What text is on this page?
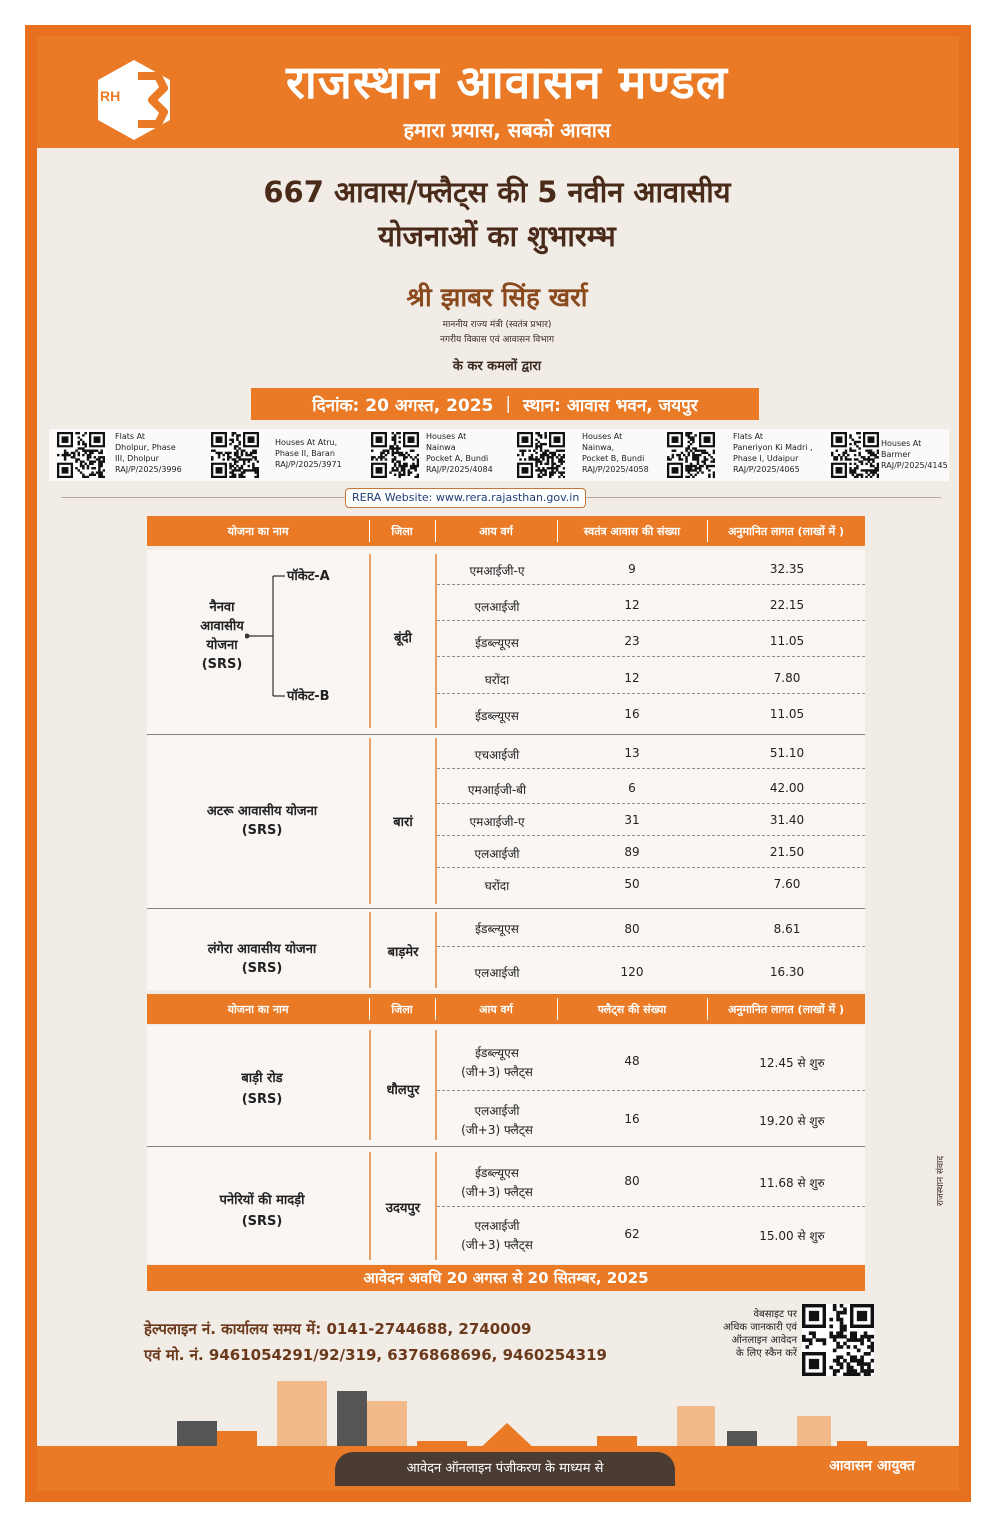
RH	राजस्थान आवासन मण्डल
हमारा प्रयास, सबको आवास
667 आवास/फ्लैट्स की 5 नवीन आवासीय
योजनाओं का शुभारम्भ
श्री झाबर सिंह खर्रा
माननीय राज्य मंत्री (स्वतंत्र प्रभार)
नगरीय विकास एवं आवासन विभाग
के कर कमलों द्वारा
दिनांक: 20 अगस्त, 2025 | स्थान: आवास भवन, जयपुर
Flats At
Dholpur, Phase
III, Dholpur
RAJ/P/2025/3996
Houses At Atru,
Phase II, Baran
RAJ/P/2025/3971
Houses At
Nainwa
Pocket A, Bundi
RAJ/P/2025/4084
Houses At
Nainwa,
Pocket B, Bundi
RAJ/P/2025/4058
Flats At
Paneriyon Ki Madri ,
Phase I, Udaipur
RAJ/P/2025/4065
Houses At
Barmer
RAJ/P/2025/4145
RERA Website: www.rera.rajasthan.gov.in
योजना का नाम	जिला	आय वर्ग	स्वतंत्र आवास की संख्या	अनुमानित लागत (लाखों में )
नैनवा
आवासीय
योजना
(SRS)
पॉकेट-A
पॉकेट-B
बूंदी
एमआईजी-ए	9	32.35
एलआईजी	12	22.15
ईडब्ल्यूएस	23	11.05
घरोंदा	12	7.80
ईडब्ल्यूएस	16	11.05
अटरू आवासीय योजना
(SRS)
बारां
एचआईजी	13	51.10
एमआईजी-बी	6	42.00
एमआईजी-ए	31	31.40
एलआईजी	89	21.50
घरोंदा	50	7.60
लंगेरा आवासीय योजना
(SRS)
बाड़मेर
ईडब्ल्यूएस	80	8.61
एलआईजी	120	16.30
योजना का नाम	जिला	आय वर्ग	फ्लैट्स की संख्या	अनुमानित लागत (लाखों में )
बाड़ी रोड
(SRS)
धौलपुर
ईडब्ल्यूएस
(जी+3) फ्लैट्स
48	12.45 से शुरु
एलआईजी
(जी+3) फ्लैट्स
16	19.20 से शुरु
पनेरियों की मादड़ी
(SRS)
उदयपुर
ईडब्ल्यूएस
(जी+3) फ्लैट्स
80	11.68 से शुरु
एलआईजी
(जी+3) फ्लैट्स
62	15.00 से शुरु
आवेदन अवधि 20 अगस्त से 20 सितम्बर, 2025
हेल्पलाइन नं. कार्यालय समय में: 0141-2744688, 2740009
एवं मो. नं. 9461054291/92/319, 6376868696, 9460254319
वेबसाइट पर
अधिक जानकारी एवं
ऑनलाइन आवेदन
के लिए स्कैन करें
राजस्थान संवाद
आवेदन ऑनलाइन पंजीकरण के माध्यम से	आवासन आयुक्त
